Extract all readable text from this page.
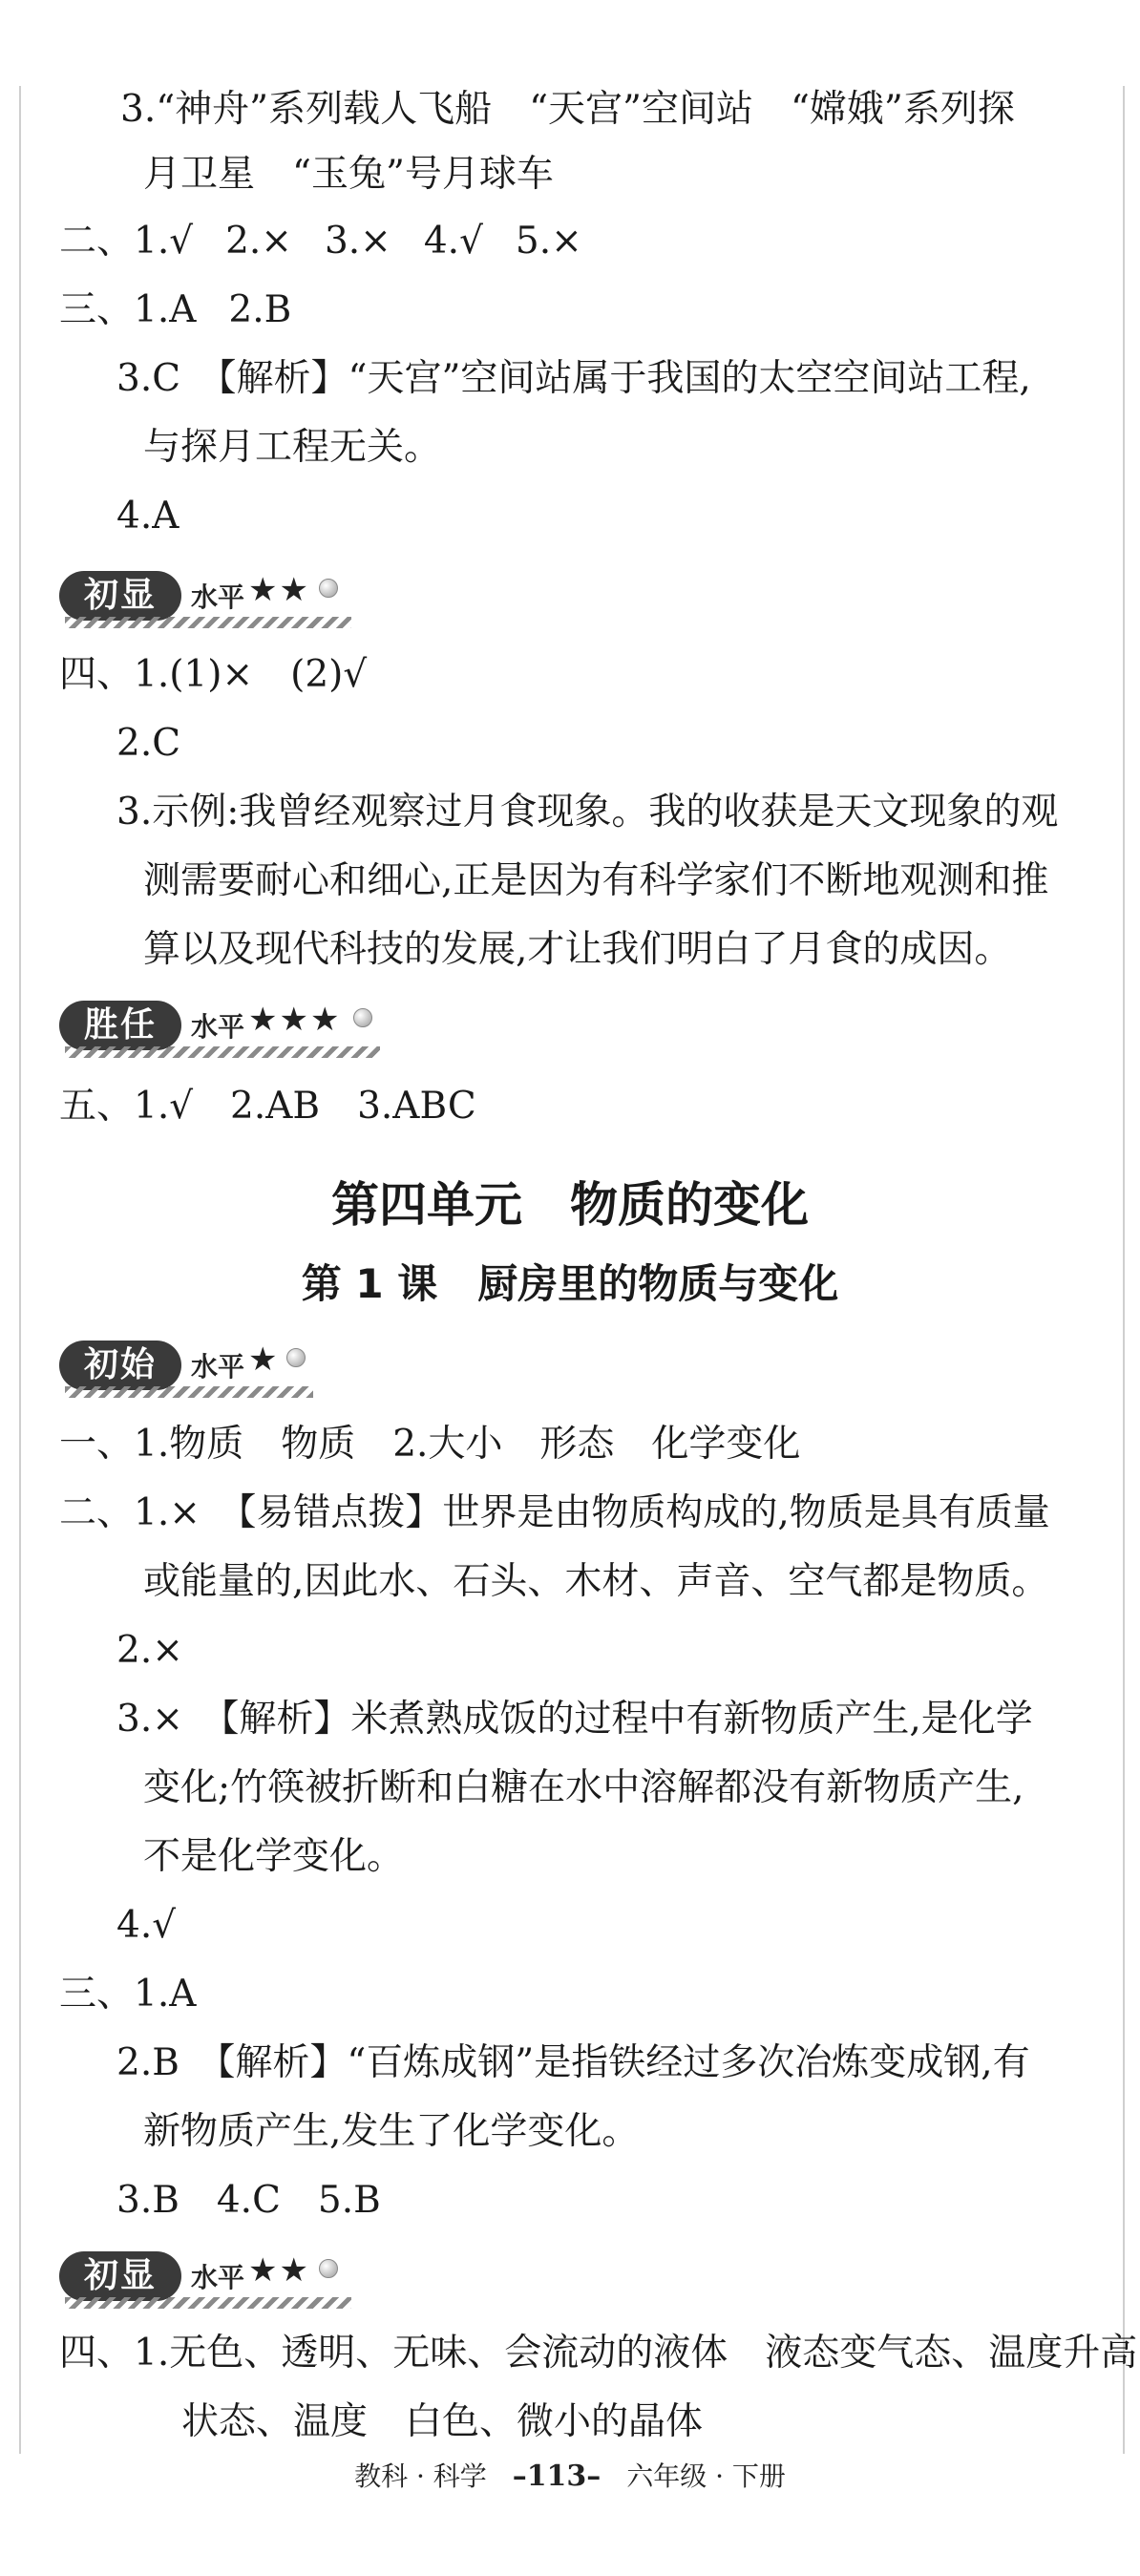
3.“神舟”系列载人飞船　“天宫”空间站　“嫦娥”系列探
月卫星　“玉兔”号月球车
二、1.√ 2.× 3.× 4.√ 5.×
三、1.A 2.B
3.C　【解析】“天宫”空间站属于我国的太空空间站工程,
与探月工程无关。
4.A
初显	水平 ★★
四、1.(1)×　(2)√
2.C
3.示例:我曾经观察过月食现象。我的收获是天文现象的观
测需要耐心和细心,正是因为有科学家们不断地观测和推
算以及现代科技的发展,才让我们明白了月食的成因。
胜任	水平 ★★★
五、1.√　2.AB　3.ABC
第四单元　物质的变化
第 1 课　厨房里的物质与变化
初始	水平 ★
一、1.物质　物质　2.大小　形态　化学变化
二、1.×　【易错点拨】世界是由物质构成的,物质是具有质量
或能量的,因此水、石头、木材、声音、空气都是物质。
2.×
3.×　【解析】米煮熟成饭的过程中有新物质产生,是化学
变化;竹筷被折断和白糖在水中溶解都没有新物质产生,
不是化学变化。
4.√
三、1.A
2.B　【解析】“百炼成钢”是指铁经过多次冶炼变成钢,有
新物质产生,发生了化学变化。
3.B　4.C　5.B
初显	水平 ★★
四、1.无色、透明、无味、会流动的液体　液态变气态、温度升高
状态、温度　白色、微小的晶体
教科 · 科学 –113– 六年级 · 下册
